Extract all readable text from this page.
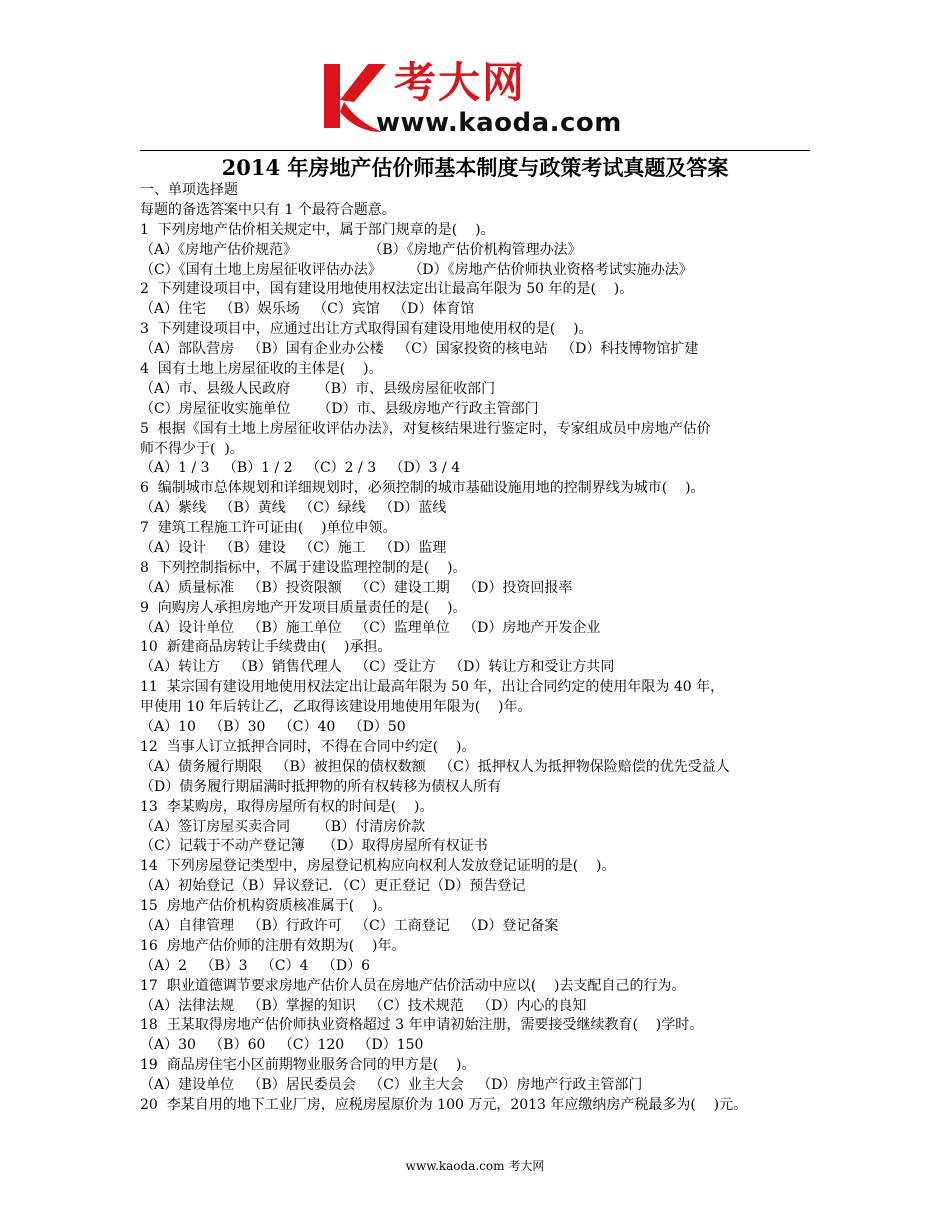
考大网
www.kaoda.com
2014 年房地产估价师基本制度与政策考试真题及答案
一、单项选择题
每题的备选答案中只有 1 个最符合题意。
1  下列房地产估价相关规定中，属于部门规章的是(    )。
（A）《房地产估价规范》                （B）《房地产估价机构管理办法》
（C）《国有土地上房屋征收评估办法》      （D）《房地产估价师执业资格考试实施办法》
2  下列建设项目中，国有建设用地使用权法定出让最高年限为 50 年的是(    )。
（A）住宅   （B）娱乐场   （C）宾馆   （D）体育馆
3  下列建设项目中，应通过出让方式取得国有建设用地使用权的是(    )。
（A）部队营房   （B）国有企业办公楼   （C）国家投资的核电站   （D）科技博物馆扩建
4  国有土地上房屋征收的主体是(    )。
（A）市、县级人民政府      （B）市、县级房屋征收部门
（C）房屋征收实施单位      （D）市、县级房地产行政主管部门
5  根据《国有土地上房屋征收评估办法》，对复核结果进行鉴定时，专家组成员中房地产估价
师不得少于(  )。
（A）1 / 3   （B）1 / 2   （C）2 / 3   （D）3 / 4
6  编制城市总体规划和详细规划时，必须控制的城市基础设施用地的控制界线为城市(    )。
（A）紫线   （B）黄线   （C）绿线   （D）蓝线
7  建筑工程施工许可证由(    )单位申领。
（A）设计   （B）建设   （C）施工   （D）监理
8  下列控制指标中，不属于建设监理控制的是(    )。
（A）质量标准   （B）投资限额   （C）建设工期   （D）投资回报率
9  向购房人承担房地产开发项目质量责任的是(    )。
（A）设计单位   （B）施工单位   （C）监理单位   （D）房地产开发企业
10  新建商品房转让手续费由(    )承担。
（A）转让方   （B）销售代理人   （C）受让方   （D）转让方和受让方共同
11  某宗国有建设用地使用权法定出让最高年限为 50 年，出让合同约定的使用年限为 40 年，
甲使用 10 年后转让乙，乙取得该建设用地使用年限为(    )年。
（A）10   （B）30   （C）40   （D）50
12  当事人订立抵押合同时，不得在合同中约定(    )。
（A）债务履行期限   （B）被担保的债权数额   （C）抵押权人为抵押物保险赔偿的优先受益人
（D）债务履行期届满时抵押物的所有权转移为债权人所有
13  李某购房，取得房屋所有权的时间是(    )。
（A）签订房屋买卖合同      （B）付清房价款
（C）记载于不动产登记簿    （D）取得房屋所有权证书
14  下列房屋登记类型中，房屋登记机构应向权利人发放登记证明的是(    )。
（A）初始登记（B）异议登记．（C）更正登记（D）预告登记
15  房地产估价机构资质核准属于(    )。
（A）自律管理   （B）行政许可   （C）工商登记   （D）登记备案
16  房地产估价师的注册有效期为(    )年。
（A）2   （B）3   （C）4   （D）6
17  职业道德调节要求房地产估价人员在房地产估价活动中应以(    )去支配自己的行为。
（A）法律法规   （B）掌握的知识   （C）技术规范   （D）内心的良知
18  王某取得房地产估价师执业资格超过 3 年申请初始注册，需要接受继续教育(    )学时。
（A）30   （B）60   （C）120   （D）150
19  商品房住宅小区前期物业服务合同的甲方是(    )。
（A）建设单位   （B）居民委员会   （C）业主大会   （D）房地产行政主管部门
20  李某自用的地下工业厂房，应税房屋原价为 100 万元，2013 年应缴纳房产税最多为(    )元。
www.kaoda.com 考大网
